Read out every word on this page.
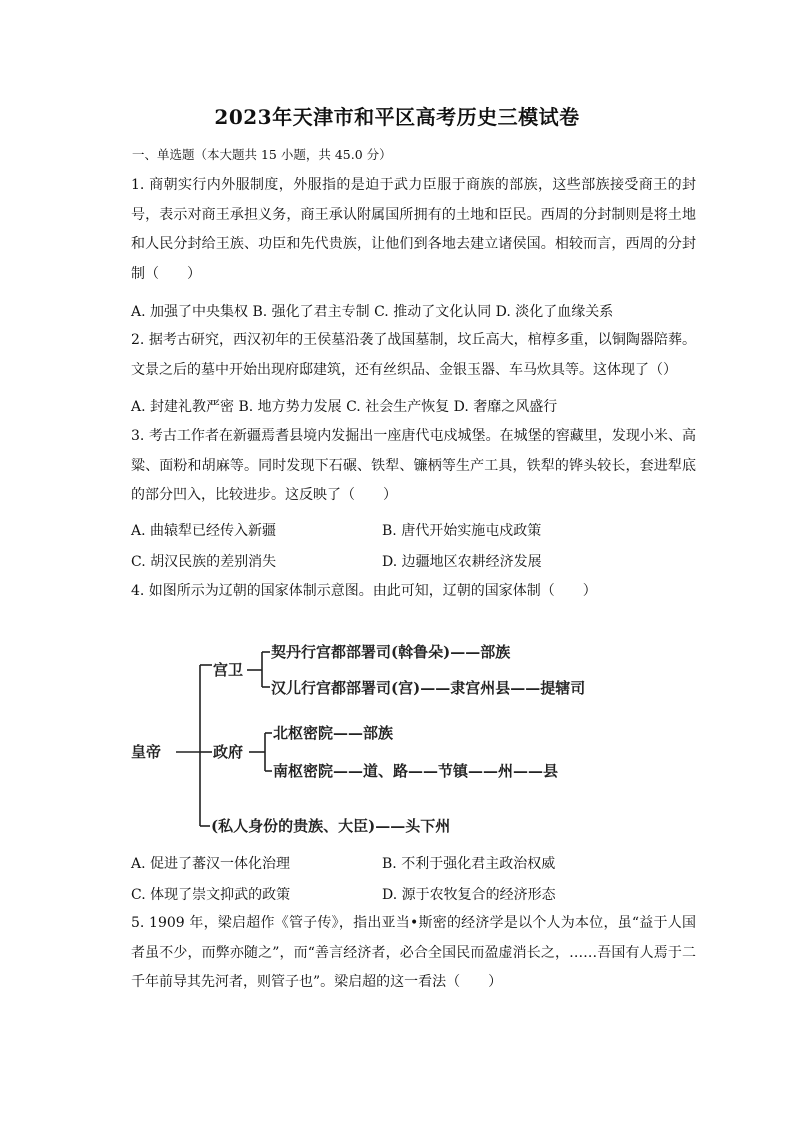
2023年天津市和平区高考历史三模试卷
一、单选题（本大题共 15 小题，共 45.0 分）
1. 商朝实行内外服制度，外服指的是迫于武力臣服于商族的部族，这些部族接受商王的封号，表示对商王承担义务，商王承认附属国所拥有的土地和臣民。西周的分封制则是将土地和人民分封给王族、功臣和先代贵族，让他们到各地去建立诸侯国。相较而言，西周的分封制（　　）
A. 加强了中央集权 B. 强化了君主专制 C. 推动了文化认同 D. 淡化了血缘关系
2. 据考古研究，西汉初年的王侯墓沿袭了战国墓制，坟丘高大，棺椁多重，以铜陶器陪葬。文景之后的墓中开始出现府邸建筑，还有丝织品、金银玉器、车马炊具等。这体现了（）
A. 封建礼教严密 B. 地方势力发展 C. 社会生产恢复 D. 奢靡之风盛行
3. 考古工作者在新疆焉耆县境内发掘出一座唐代屯戍城堡。在城堡的窖藏里，发现小米、高粱、面粉和胡麻等。同时发现下石碾、铁犁、镰柄等生产工具，铁犁的铧头较长，套进犁底的部分凹入，比较进步。这反映了（　　）
A. 曲辕犁已经传入新疆	B. 唐代开始实施屯戍政策
C. 胡汉民族的差别消失	D. 边疆地区农耕经济发展
4. 如图所示为辽朝的国家体制示意图。由此可知，辽朝的国家体制（　　）
皇帝
宫卫
契丹行宫都部署司(斡鲁朵)——部族
汉儿行宫都部署司(宫)——隶宫州县——提辖司
政府
北枢密院——部族
南枢密院——道、路——节镇——州——县
(私人身份的贵族、大臣)——头下州
A. 促进了蕃汉一体化治理	B. 不利于强化君主政治权威
C. 体现了崇文抑武的政策	D. 源于农牧复合的经济形态
5. 1909 年，梁启超作《管子传》，指出亚当•斯密的经济学是以个人为本位，虽“益于人国者虽不少，而弊亦随之”，而“善言经济者，必合全国民而盈虚消长之，……吾国有人焉于二千年前导其先河者，则管子也”。梁启超的这一看法（　　）
